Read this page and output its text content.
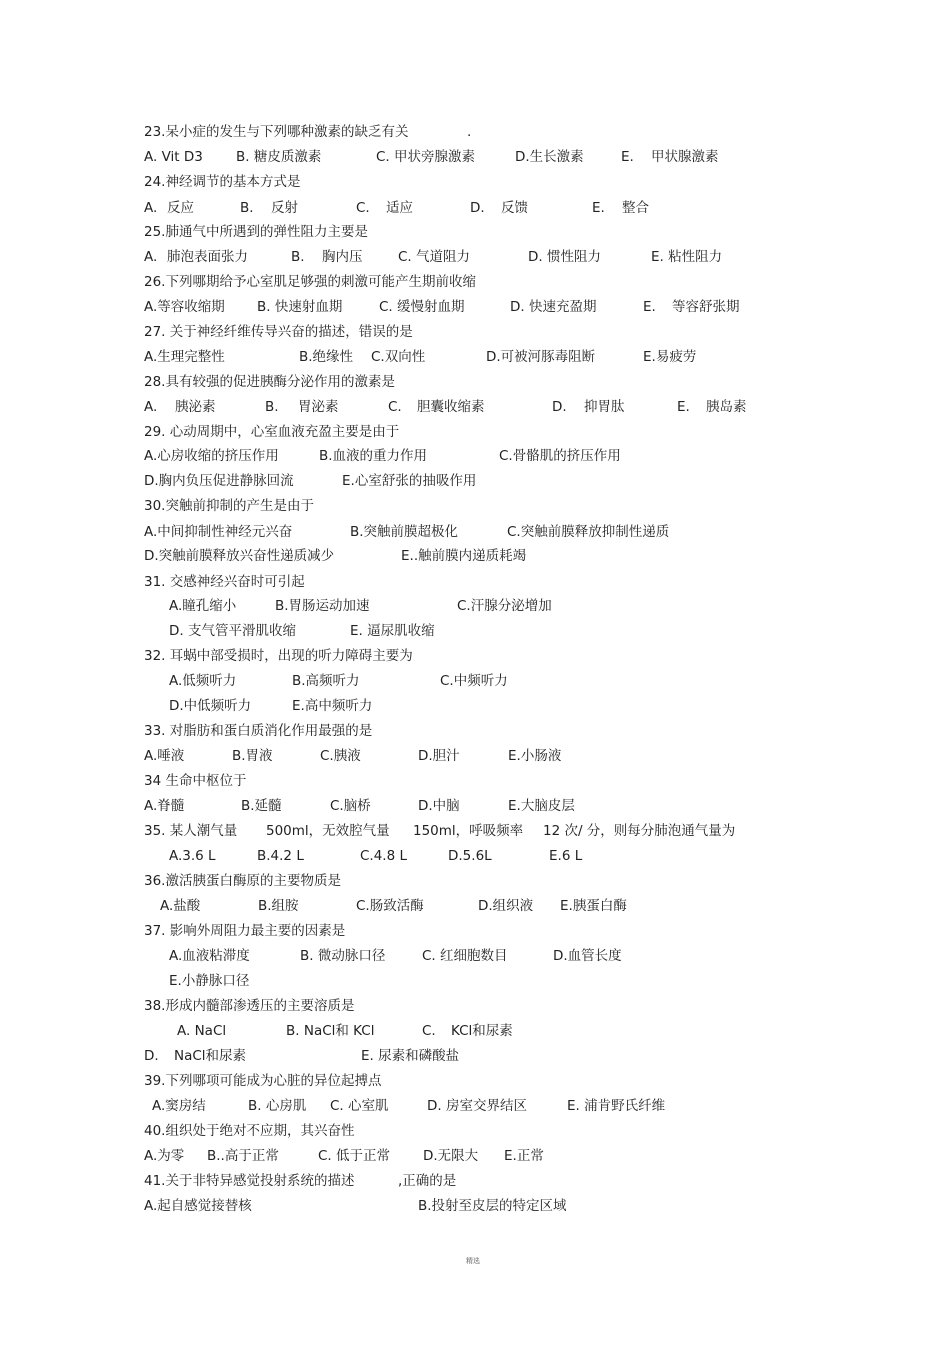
23.呆小症的发生与下列哪种激素的缺乏有关	.
A. Vit D3 B. 糖皮质激素	C. 甲状旁腺激素	D.生长激素	E. 甲状腺激素
24.神经调节的基本方式是
A. 反应	B. 反射	C. 适应	D. 反馈	E. 整合
25.肺通气中所遇到的弹性阻力主要是
A. 肺泡表面张力	B. 胸内压	C. 气道阻力	D. 惯性阻力	E. 粘性阻力
26.下列哪期给予心室肌足够强的刺激可能产生期前收缩
A.等容收缩期 B. 快速射血期	C. 缓慢射血期	D. 快速充盈期	E. 等容舒张期
27. 关于神经纤维传导兴奋的描述，错误的是
A.生理完整性	B.绝缘性 C.双向性	D.可被河豚毒阻断	E.易疲劳
28.具有较强的促进胰酶分泌作用的激素是
A. 胰泌素	B. 胃泌素	C. 胆囊收缩素	D. 抑胃肽	E. 胰岛素
29. 心动周期中，心室血液充盈主要是由于
A.心房收缩的挤压作用	B.血液的重力作用	C.骨骼肌的挤压作用
D.胸内负压促进静脉回流	E.心室舒张的抽吸作用
30.突触前抑制的产生是由于
A.中间抑制性神经元兴奋	B.突触前膜超极化	C.突触前膜释放抑制性递质
D.突触前膜释放兴奋性递质减少	E..触前膜内递质耗竭
31. 交感神经兴奋时可引起
A.瞳孔缩小	B.胃肠运动加速	C.汗腺分泌增加
D. 支气管平滑肌收缩	E. 逼尿肌收缩
32. 耳蜗中部受损时，出现的听力障碍主要为
A.低频听力	B.高频听力	C.中频听力
D.中低频听力	E.高中频听力
33. 对脂肪和蛋白质消化作用最强的是
A.唾液	B.胃液	C.胰液	D.胆汁	E.小肠液
34 生命中枢位于
A.脊髓	B.延髓	C.脑桥	D.中脑	E.大脑皮层
35. 某人潮气量 500ml，无效腔气量 150ml，呼吸频率 12 次/ 分，则每分肺泡通气量为
A.3.6 L	B.4.2 L	C.4.8 L	D.5.6L	E.6 L
36.激活胰蛋白酶原的主要物质是
A.盐酸	B.组胺	C.肠致活酶	D.组织液 E.胰蛋白酶
37. 影响外周阻力最主要的因素是
A.血液粘滞度	B. 微动脉口径	C. 红细胞数目	D.血管长度
E.小静脉口径
38.形成内髓部渗透压的主要溶质是
A. NaCl	B. NaCl和 KCl	C. KCl和尿素
D. NaCl和尿素	E. 尿素和磷酸盐
39.下列哪项可能成为心脏的异位起搏点
A.窦房结	B. 心房肌 C. 心室肌	D. 房室交界结区	E. 浦肯野氏纤维
40.组织处于绝对不应期，其兴奋性
A.为零 B..高于正常	C. 低于正常 D.无限大 E.正常
41.关于非特异感觉投射系统的描述	,正确的是
A.起自感觉接替核	B.投射至皮层的特定区域
精选
